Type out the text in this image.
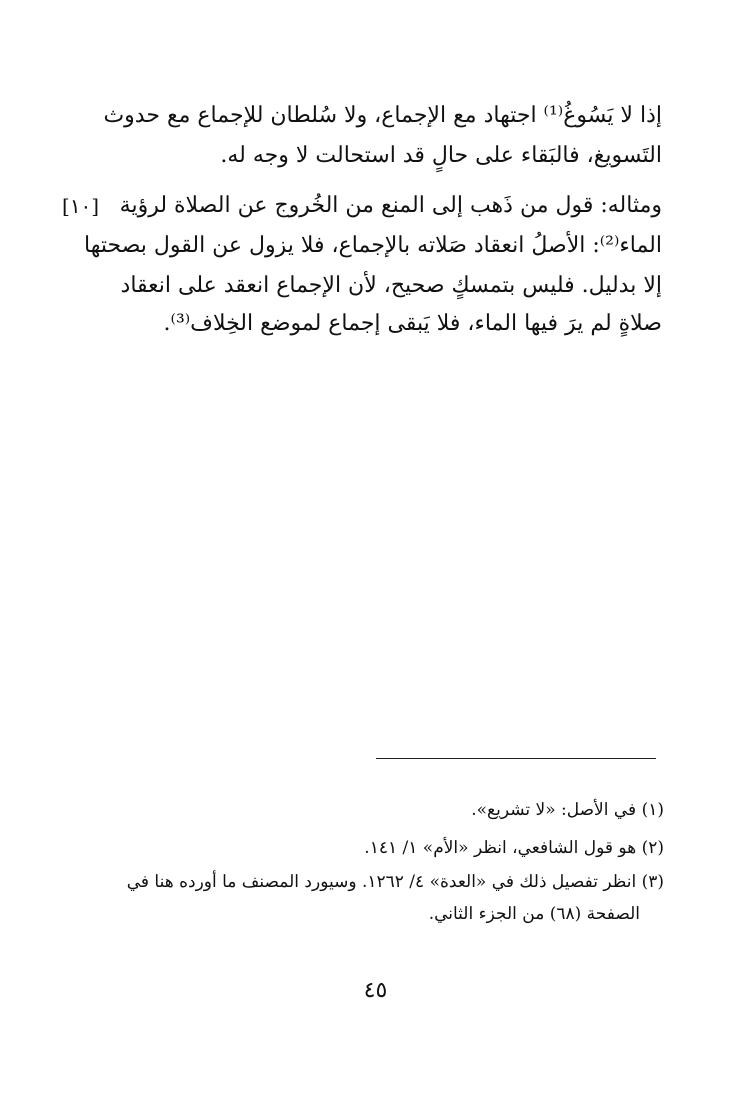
إذا لا يَسُوغُ⁽¹⁾ اجتهاد مع الإجماع، ولا سُلطان للإجماع مع حدوث
التَسويغ، فالبَقاء على حالٍ قد استحالت لا وجه له.
[١٠] ومثاله: قول من ذَهب إلى المنع من الخُروج عن الصلاة لرؤية
الماء⁽²⁾: الأصلُ انعقاد صَلاته بالإجماع، فلا يزول عن القول بصحتها
إلا بدليل. فليس بتمسكٍ صحيح، لأن الإجماع انعقد على انعقاد
صلاةٍ لم يرَ فيها الماء، فلا يَبقى إجماع لموضع الخِلاف⁽³⁾.
(١) في الأصل: «لا تشريع».
(٢) هو قول الشافعي، انظر «الأم» ١/ ١٤١.
(٣) انظر تفصيل ذلك في «العدة» ٤/ ١٢٦٢. وسيورد المصنف ما أورده هنا في
الصفحة (٦٨) من الجزء الثاني.
٤٥
